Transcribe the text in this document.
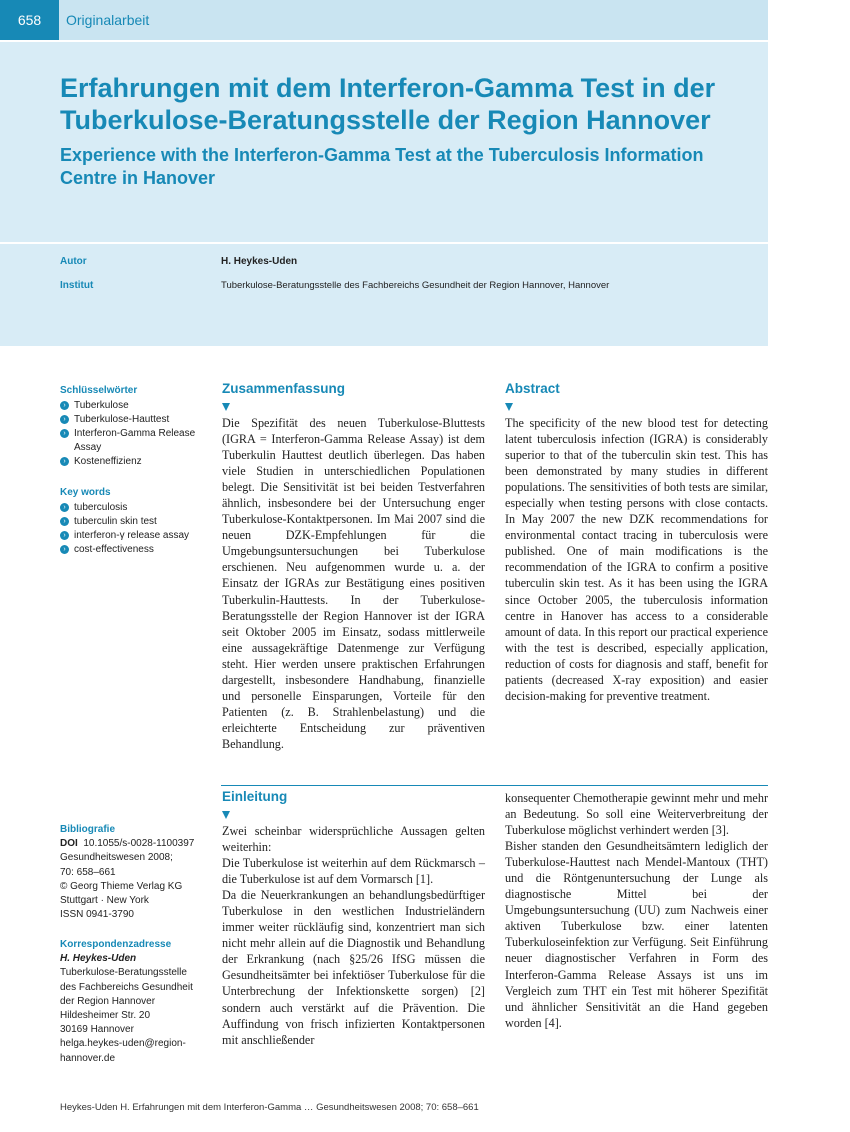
658	Originalarbeit
Erfahrungen mit dem Interferon-Gamma Test in der Tuberkulose-Beratungsstelle der Region Hannover
Experience with the Interferon-Gamma Test at the Tuberculosis Information Centre in Hanover
Autor	H. Heykes-Uden
Institut	Tuberkulose-Beratungsstelle des Fachbereichs Gesundheit der Region Hannover, Hannover
Schlüsselwörter
› Tuberkulose
› Tuberkulose-Hauttest
› Interferon-Gamma Release Assay
› Kosteneffizienz
Key words
› tuberculosis
› tuberculin skin test
› interferon-γ release assay
› cost-effectiveness
Bibliografie
DOI 10.1055/s-0028-1100397
Gesundheitswesen 2008;
70: 658–661
© Georg Thieme Verlag KG
Stuttgart · New York
ISSN 0941-3790
Korrespondenzadresse
H. Heykes-Uden
Tuberkulose-Beratungsstelle
des Fachbereichs Gesundheit
der Region Hannover
Hildesheimer Str. 20
30169 Hannover
helga.heykes-uden@region-
hannover.de
Zusammenfassung

Die Spezifität des neuen Tuberkulose-Bluttests (IGRA = Interferon-Gamma Release Assay) ist dem Tuberkulin Hauttest deutlich überlegen. Das haben viele Studien in unterschiedlichen Populationen belegt. Die Sensitivität ist bei beiden Testverfahren ähnlich, insbesondere bei der Untersuchung enger Tuberkulose-Kontaktpersonen. Im Mai 2007 sind die neuen DZK-Empfehlungen für die Umgebungsuntersuchungen bei Tuberkulose erschienen. Neu aufgenommen wurde u. a. der Einsatz der IGRAs zur Bestätigung eines positiven Tuberkulin-Hauttests. In der Tuberkulose-Beratungsstelle der Region Hannover ist der IGRA seit Oktober 2005 im Einsatz, sodass mittlerweile eine aussagekräftige Datenmenge zur Verfügung steht. Hier werden unsere praktischen Erfahrungen dargestellt, insbesondere Handhabung, finanzielle und personelle Einsparungen, Vorteile für den Patienten (z. B. Strahlenbelastung) und die erleichterte Entscheidung zur präventiven Behandlung.

Abstract

The specificity of the new blood test for detecting latent tuberculosis infection (IGRA) is considerably superior to that of the tuberculin skin test. This has been demonstrated by many studies in different populations. The sensitivities of both tests are similar, especially when testing persons with close contacts. In May 2007 the new DZK recommendations for environmental contact tracing in tuberculosis were published. One of main modifications is the recommendation of the IGRA to confirm a positive tuberculin skin test. As it has been using the IGRA since October 2005, the tuberculosis information centre in Hanover has access to a considerable amount of data. In this report our practical experience with the test is described, especially application, reduction of costs for diagnosis and staff, benefit for patients (decreased X-ray exposition) and easier decision-making for preventive treatment.

Einleitung

Zwei scheinbar widersprüchliche Aussagen gelten weiterhin:

Die Tuberkulose ist weiterhin auf dem Rückmarsch – die Tuberkulose ist auf dem Vormarsch [1].

Da die Neuerkrankungen an behandlungsbedürftiger Tuberkulose in den westlichen Industrieländern immer weiter rückläufig sind, konzentriert man sich nicht mehr allein auf die Diagnostik und Behandlung der Erkrankung (nach §25/26 IfSG müssen die Gesundheitsämter bei infektiöser Tuberkulose für die Unterbrechung der Infektionskette sorgen) [2] sondern auch verstärkt auf die Prävention. Die Auffindung von frisch infizierten Kontaktpersonen mit anschließender

konsequenter Chemotherapie gewinnt mehr und mehr an Bedeutung. So soll eine Weiterverbreitung der Tuberkulose möglichst verhindert werden [3].

Bisher standen den Gesundheitsämtern lediglich der Tuberkulose-Hauttest nach Mendel-Mantoux (THT) und die Röntgenuntersuchung der Lunge als diagnostische Mittel bei der Umgebungsuntersuchung (UU) zum Nachweis einer aktiven Tuberkulose bzw. einer latenten Tuberkuloseinfektion zur Verfügung. Seit Einführung neuer diagnostischer Verfahren in Form des Interferon-Gamma Release Assays ist uns im Vergleich zum THT ein Test mit höherer Spezifität und ähnlicher Sensitivität an die Hand gegeben worden [4].

Heykes-Uden H. Erfahrungen mit dem Interferon-Gamma … Gesundheitswesen 2008; 70: 658–661
